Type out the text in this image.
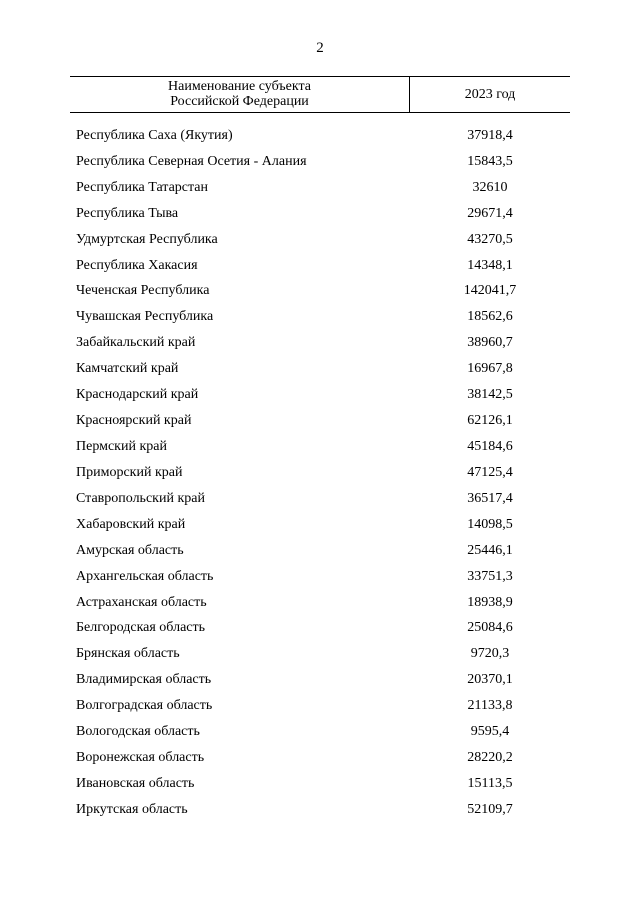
2
Наименование субъекта
Российской Федерации	2023 год
Республика Саха (Якутия)	37918,4
Республика Северная Осетия - Алания	15843,5
Республика Татарстан	32610
Республика Тыва	29671,4
Удмуртская Республика	43270,5
Республика Хакасия	14348,1
Чеченская Республика	142041,7
Чувашская Республика	18562,6
Забайкальский край	38960,7
Камчатский край	16967,8
Краснодарский край	38142,5
Красноярский край	62126,1
Пермский край	45184,6
Приморский край	47125,4
Ставропольский край	36517,4
Хабаровский край	14098,5
Амурская область	25446,1
Архангельская область	33751,3
Астраханская область	18938,9
Белгородская область	25084,6
Брянская область	9720,3
Владимирская область	20370,1
Волгоградская область	21133,8
Вологодская область	9595,4
Воронежская область	28220,2
Ивановская область	15113,5
Иркутская область	52109,7
